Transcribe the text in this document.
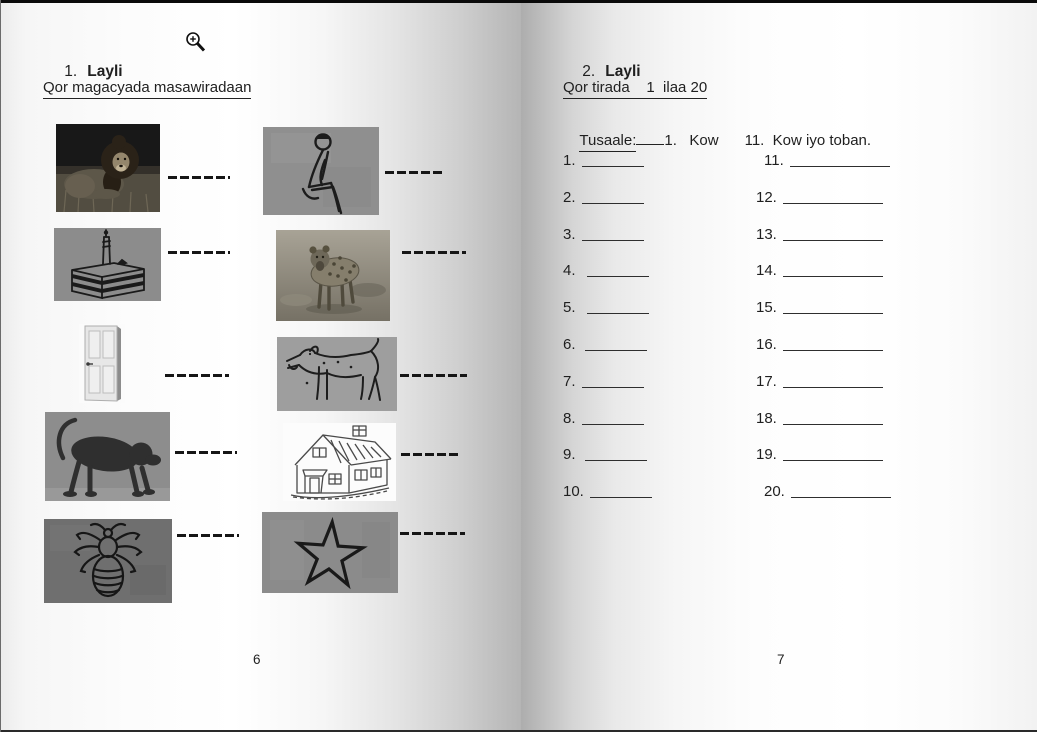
1. Layli

Qor magacyada masawiradaan
6

2. Layli

Qor tirada    1  ilaa 20

Tusaale: 1.   Kow 11.  Kow iyo toban.

1.
2.
3.
4.
5.
6.
7.
8.
9.
10.
11.
12.
13.
14.
15.
16.
17.
18.
19.
20.
7
